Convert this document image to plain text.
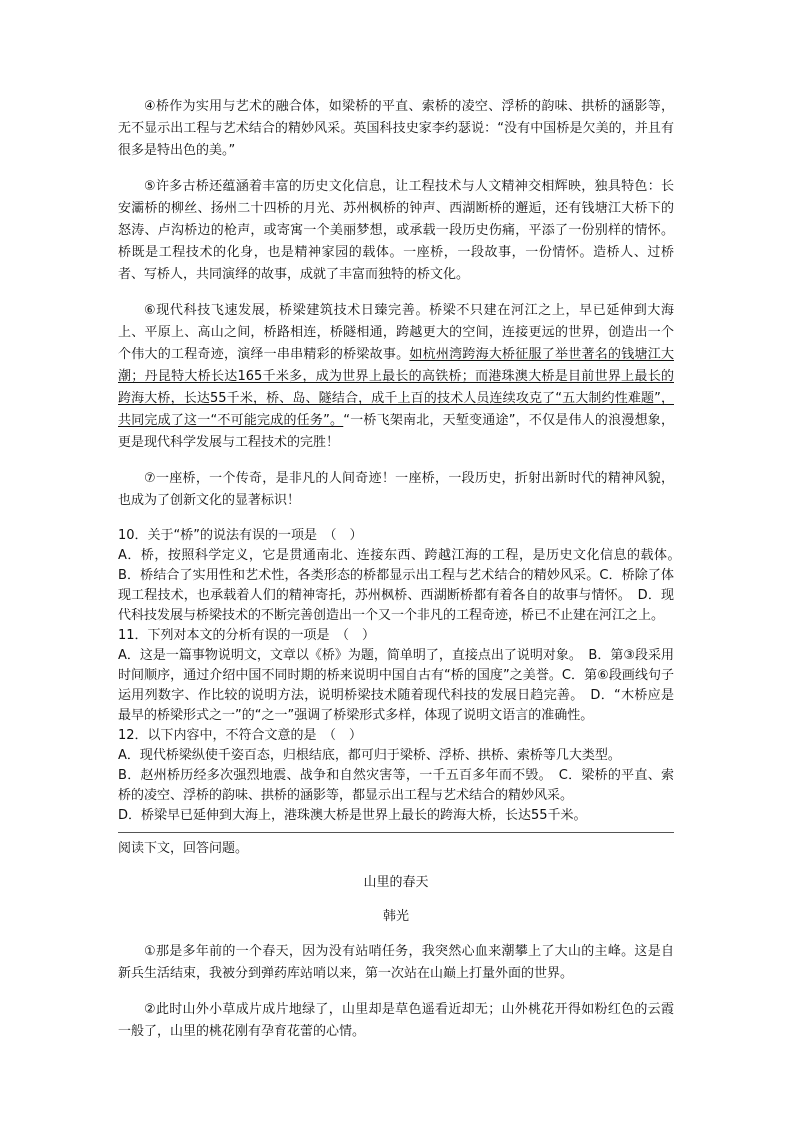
④桥作为实用与艺术的融合体，如梁桥的平直、索桥的凌空、浮桥的韵味、拱桥的涵影等，无不显示出工程与艺术结合的精妙风采。英国科技史家李约瑟说：“没有中国桥是欠美的，并且有很多是特出色的美。”

⑤许多古桥还蕴涵着丰富的历史文化信息，让工程技术与人文精神交相辉映，独具特色：长安灞桥的柳丝、扬州二十四桥的月光、苏州枫桥的钟声、西湖断桥的邂逅，还有钱塘江大桥下的怒涛、卢沟桥边的枪声，或寄寓一个美丽梦想，或承载一段历史伤痛，平添了一份别样的情怀。桥既是工程技术的化身，也是精神家园的载体。一座桥，一段故事，一份情怀。造桥人、过桥者、写桥人，共同演绎的故事，成就了丰富而独特的桥文化。

⑥现代科技飞速发展，桥梁建筑技术日臻完善。桥梁不只建在河江之上，早已延伸到大海上、平原上、高山之间，桥路相连，桥隧相通，跨越更大的空间，连接更远的世界，创造出一个个伟大的工程奇迹，演绎一串串精彩的桥梁故事。如杭州湾跨海大桥征服了举世著名的钱塘江大潮；丹昆特大桥长达165千米多，成为世界上最长的高铁桥；而港珠澳大桥是目前世界上最长的跨海大桥，长达55千米，桥、岛、隧结合，成千上百的技术人员连续攻克了“五大制约性难题”，共同完成了这一“不可能完成的任务”。“一桥飞架南北，天堑变通途”，不仅是伟人的浪漫想象，更是现代科学发展与工程技术的完胜！

⑦一座桥，一个传奇，是非凡的人间奇迹！一座桥，一段历史，折射出新时代的精神风貌，也成为了创新文化的显著标识！

10．关于“桥”的说法有误的一项是　（　）

A．桥，按照科学定义，它是贯通南北、连接东西、跨越江海的工程，是历史文化信息的载体。　B．桥结合了实用性和艺术性，各类形态的桥都显示出工程与艺术结合的精妙风采。C．桥除了体现工程技术，也承载着人们的精神寄托，苏州枫桥、西湖断桥都有着各自的故事与情怀。　 D．现代科技发展与桥梁技术的不断完善创造出一个又一个非凡的工程奇迹，桥已不止建在河江之上。

11．下列对本文的分析有误的一项是　（　）

A．这是一篇事物说明文，文章以《桥》为题，简单明了，直接点出了说明对象。　 B．第③段采用时间顺序，通过介绍中国不同时期的桥来说明中国自古有“桥的国度”之美誉。C．第⑥段画线句子运用列数字、作比较的说明方法，说明桥梁技术随着现代科技的发展日趋完善。　 D．“木桥应是最早的桥梁形式之一”的“之一”强调了桥梁形式多样，体现了说明文语言的准确性。

12．以下内容中，不符合文意的是　（　）

A．现代桥梁纵使千姿百态，归根结底，都可归于梁桥、浮桥、拱桥、索桥等几大类型。

B．赵州桥历经多次强烈地震、战争和自然灾害等，一千五百多年而不毁。　 C．梁桥的平直、索桥的凌空、浮桥的韵味、拱桥的涵影等，都显示出工程与艺术结合的精妙风采。

D．桥梁早已延伸到大海上，港珠澳大桥是世界上最长的跨海大桥，长达55千米。

阅读下文，回答问题。

山里的春天

韩光

①那是多年前的一个春天，因为没有站哨任务，我突然心血来潮攀上了大山的主峰。这是自新兵生活结束，我被分到弹药库站哨以来，第一次站在山巅上打量外面的世界。

②此时山外小草成片成片地绿了，山里却是草色遥看近却无；山外桃花开得如粉红色的云霞一般了，山里的桃花刚有孕育花蕾的心情。
